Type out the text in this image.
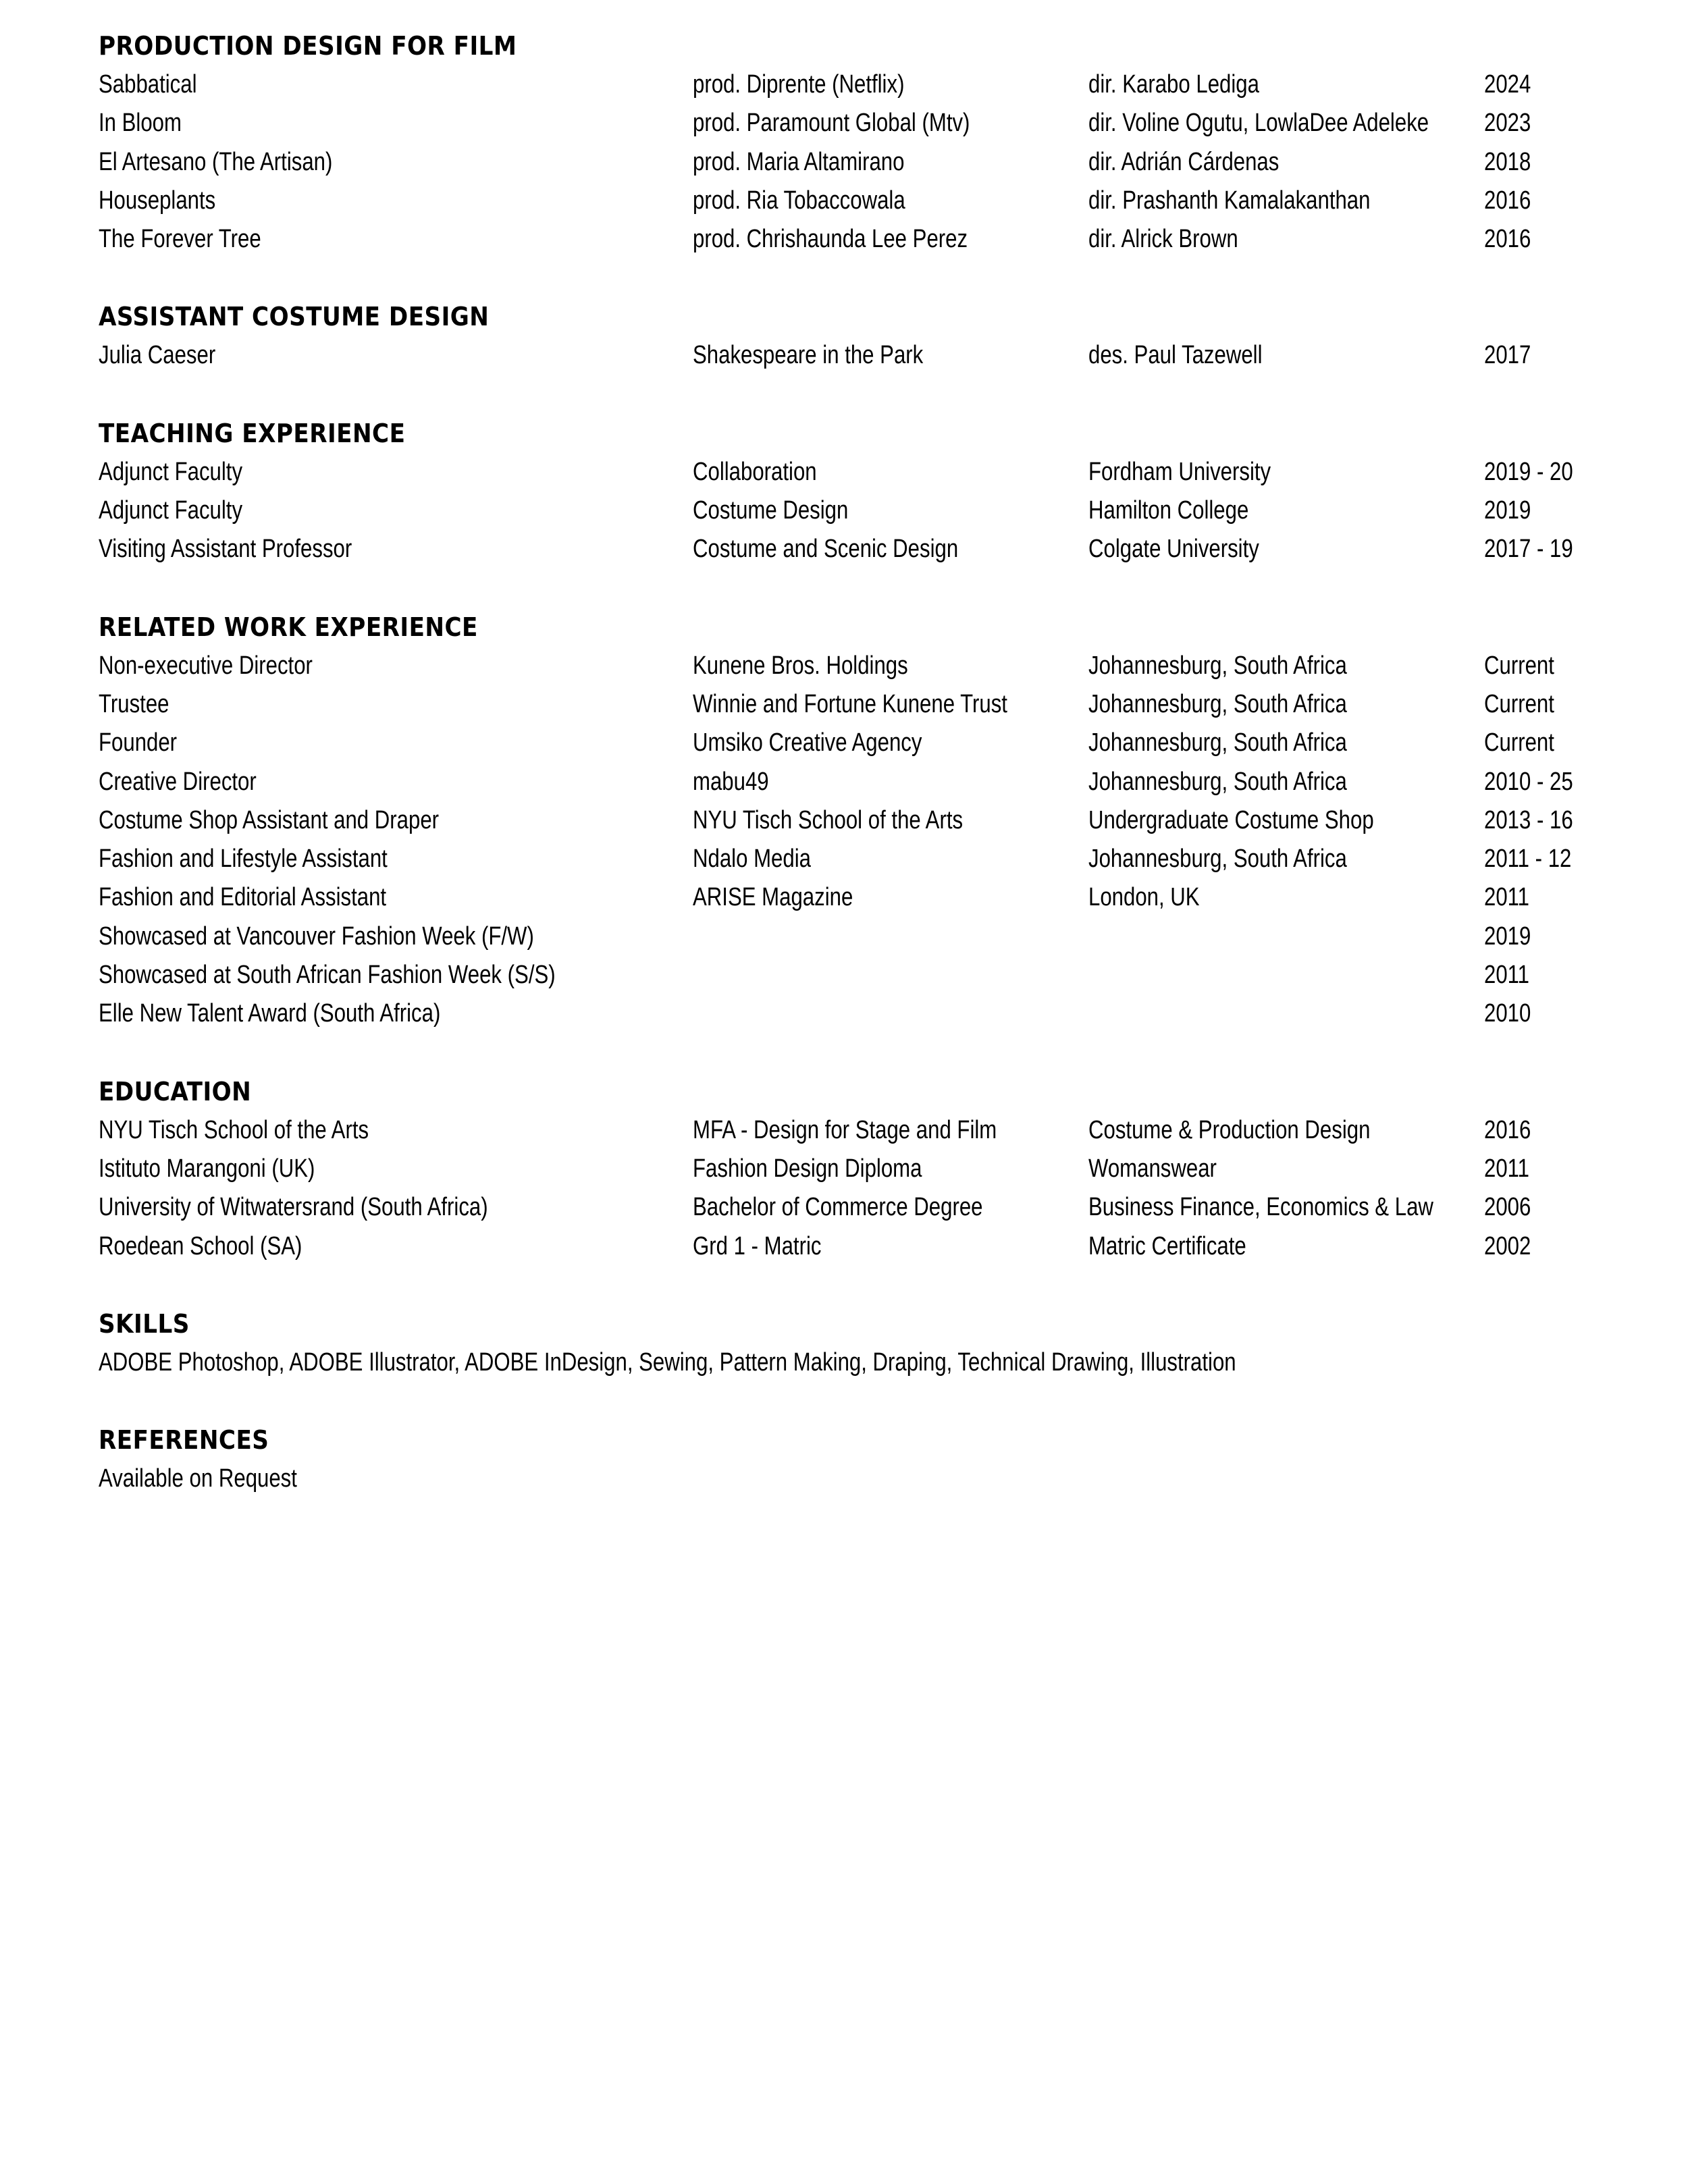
PRODUCTION DESIGN FOR FILM
Sabbatical	prod. Diprente (Netflix)	dir. Karabo Lediga	2024
In Bloom	prod. Paramount Global (Mtv)	dir. Voline Ogutu, LowlaDee Adeleke 2023
El Artesano (The Artisan)	prod. Maria Altamirano	dir. Adrián Cárdenas	2018
Houseplants	prod. Ria Tobaccowala	dir. Prashanth Kamalakanthan	2016
The Forever Tree	prod. Chrishaunda Lee Perez	dir. Alrick Brown	2016
ASSISTANT COSTUME DESIGN
Julia Caeser	Shakespeare in the Park	des. Paul Tazewell	2017
TEACHING EXPERIENCE
Adjunct Faculty	Collaboration	Fordham University	2019 - 20
Adjunct Faculty	Costume Design	Hamilton College	2019
Visiting Assistant Professor	Costume and Scenic Design	Colgate University	2017 - 19
RELATED WORK EXPERIENCE
Non-executive Director	Kunene Bros. Holdings	Johannesburg, South Africa	Current
Trustee	Winnie and Fortune Kunene Trust	Johannesburg, South Africa	Current
Founder	Umsiko Creative Agency	Johannesburg, South Africa	Current
Creative Director	mabu49	Johannesburg, South Africa	2010 - 25
Costume Shop Assistant and Draper	NYU Tisch School of the Arts	Undergraduate Costume Shop	2013 - 16
Fashion and Lifestyle Assistant	Ndalo Media	Johannesburg, South Africa	2011 - 12
Fashion and Editorial Assistant	ARISE Magazine	London, UK	2011
Showcased at Vancouver Fashion Week (F/W)	2019
Showcased at South African Fashion Week (S/S)	2011
Elle New Talent Award (South Africa)	2010
EDUCATION
NYU Tisch School of the Arts	MFA - Design for Stage and Film	Costume & Production Design	2016
Istituto Marangoni (UK)	Fashion Design Diploma	Womanswear	2011
University of Witwatersrand (South Africa)	Bachelor of Commerce Degree	Business Finance, Economics & Law 2006
Roedean School (SA)	Grd 1 - Matric	Matric Certificate	2002
SKILLS
ADOBE Photoshop, ADOBE Illustrator, ADOBE InDesign, Sewing, Pattern Making, Draping, Technical Drawing, Illustration
REFERENCES
Available on Request
